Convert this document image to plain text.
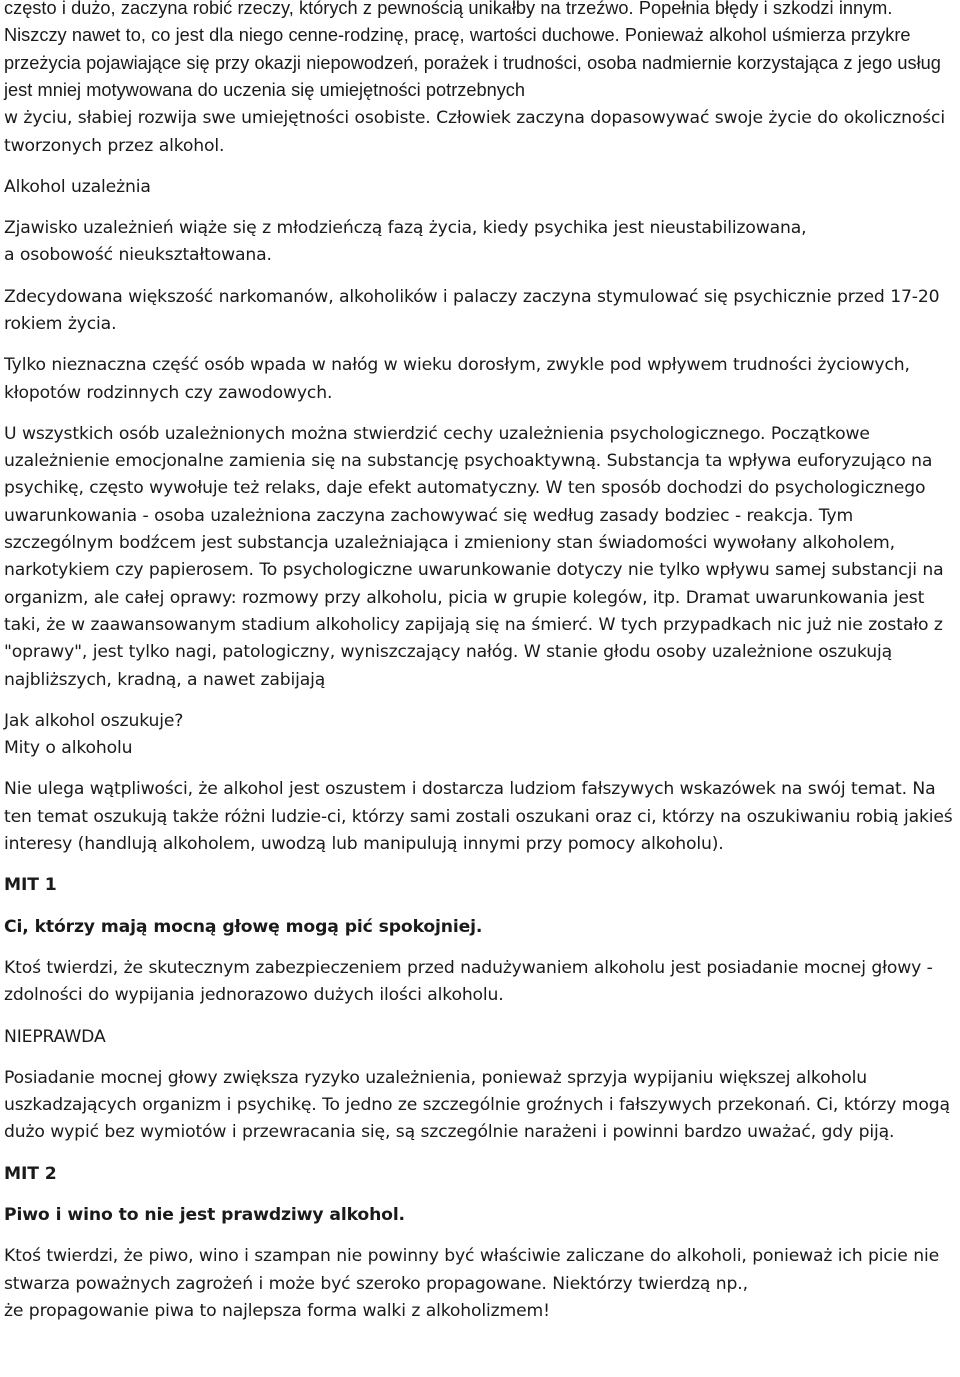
często i dużo, zaczyna robić rzeczy, których z pewnością unikałby na trzeźwo. Popełnia błędy i szkodzi innym. Niszczy nawet to, co jest dla niego cenne-rodzinę, pracę, wartości duchowe. Ponieważ alkohol uśmierza przykre przeżycia pojawiające się przy okazji niepowodzeń, porażek i trudności, osoba nadmiernie korzystająca z jego usług jest mniej motywowana do uczenia się umiejętności potrzebnych
w życiu, słabiej rozwija swe umiejętności osobiste. Człowiek zaczyna dopasowywać swoje życie do okoliczności tworzonych przez alkohol.

Alkohol uzależnia

Zjawisko uzależnień wiąże się z młodzieńczą fazą życia, kiedy psychika jest nieustabilizowana,
a osobowość nieukształtowana.

Zdecydowana większość narkomanów, alkoholików i palaczy zaczyna stymulować się psychicznie przed 17-20 rokiem życia.

Tylko nieznaczna część osób wpada w nałóg w wieku dorosłym, zwykle pod wpływem trudności życiowych, kłopotów rodzinnych czy zawodowych.

U wszystkich osób uzależnionych można stwierdzić cechy uzależnienia psychologicznego. Początkowe uzależnienie emocjonalne zamienia się na substancję psychoaktywną. Substancja ta wpływa euforyzująco na psychikę, często wywołuje też relaks, daje efekt automatyczny. W ten sposób dochodzi do psychologicznego uwarunkowania - osoba uzależniona zaczyna zachowywać się według zasady bodziec - reakcja. Tym szczególnym bodźcem jest substancja uzależniająca i zmieniony stan świadomości wywołany alkoholem, narkotykiem czy papierosem. To psychologiczne uwarunkowanie dotyczy nie tylko wpływu samej substancji na organizm, ale całej oprawy: rozmowy przy alkoholu, picia w grupie kolegów, itp. Dramat uwarunkowania jest taki, że w zaawansowanym stadium alkoholicy zapijają się na śmierć. W tych przypadkach nic już nie zostało z "oprawy", jest tylko nagi, patologiczny, wyniszczający nałóg. W stanie głodu osoby uzależnione oszukują najbliższych, kradną, a nawet zabijają

Jak alkohol oszukuje?

Mity o alkoholu

Nie ulega wątpliwości, że alkohol jest oszustem i dostarcza ludziom fałszywych wskazówek na swój temat. Na ten temat oszukują także różni ludzie-ci, którzy sami zostali oszukani oraz ci, którzy na oszukiwaniu robią jakieś interesy (handlują alkoholem, uwodzą lub manipulują innymi przy pomocy alkoholu).

MIT 1

Ci, którzy mają mocną głowę mogą pić spokojniej.

Ktoś twierdzi, że skutecznym zabezpieczeniem przed nadużywaniem alkoholu jest posiadanie mocnej głowy - zdolności do wypijania jednorazowo dużych ilości alkoholu.

NIEPRAWDA

Posiadanie mocnej głowy zwiększa ryzyko uzależnienia, ponieważ sprzyja wypijaniu większej alkoholu uszkadzających organizm i psychikę. To jedno ze szczególnie groźnych i fałszywych przekonań. Ci, którzy mogą dużo wypić bez wymiotów i przewracania się, są szczególnie narażeni i powinni bardzo uważać, gdy piją.

MIT 2

Piwo i wino to nie jest prawdziwy alkohol.

Ktoś twierdzi, że piwo, wino i szampan nie powinny być właściwie zaliczane do alkoholi, ponieważ ich picie nie stwarza poważnych zagrożeń i może być szeroko propagowane. Niektórzy twierdzą np.,
że propagowanie piwa to najlepsza forma walki z alkoholizmem!
